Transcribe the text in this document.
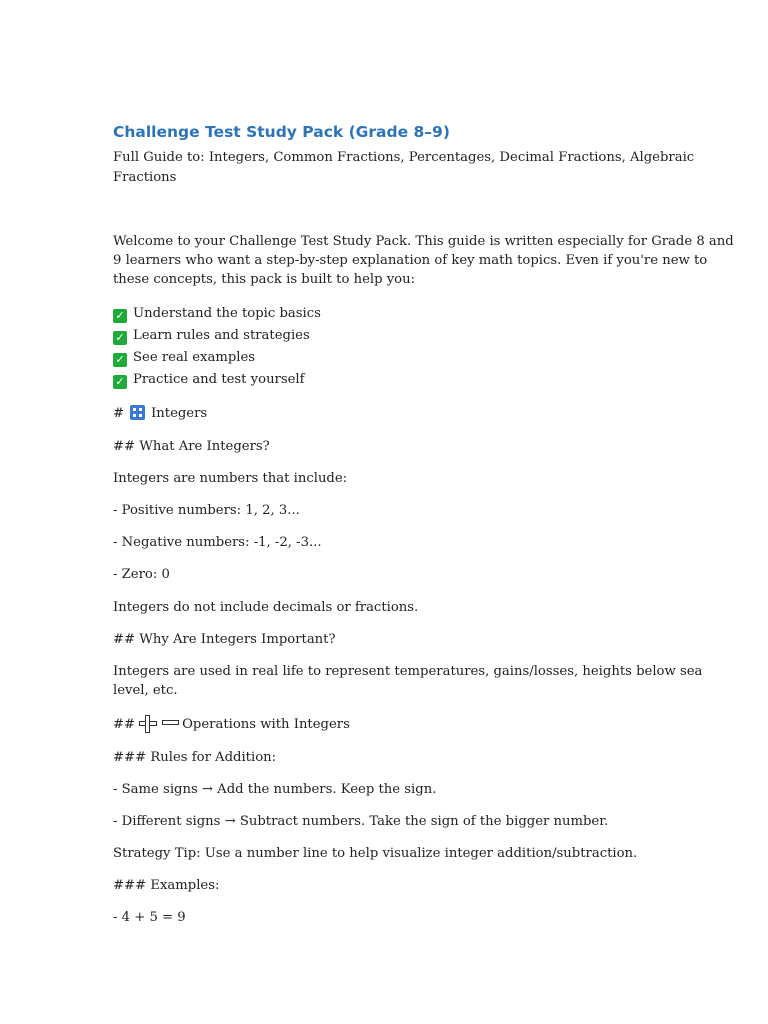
Challenge Test Study Pack (Grade 8–9)
Full Guide to: Integers, Common Fractions, Percentages, Decimal Fractions, Algebraic
Fractions
Welcome to your Challenge Test Study Pack. This guide is written especially for Grade 8 and
9 learners who want a step-by-step explanation of key math topics. Even if you're new to
these concepts, this pack is built to help you:
✓ Understand the topic basics
✓ Learn rules and strategies
✓ See real examples
✓ Practice and test yourself
# Integers
## What Are Integers?
Integers are numbers that include:
- Positive numbers: 1, 2, 3...
- Negative numbers: -1, -2, -3...
- Zero: 0
Integers do not include decimals or fractions.
## Why Are Integers Important?
Integers are used in real life to represent temperatures, gains/losses, heights below sea
level, etc.
##	Operations with Integers
### Rules for Addition:
- Same signs → Add the numbers. Keep the sign.
- Different signs → Subtract numbers. Take the sign of the bigger number.
Strategy Tip: Use a number line to help visualize integer addition/subtraction.
### Examples:
- 4 + 5 = 9
